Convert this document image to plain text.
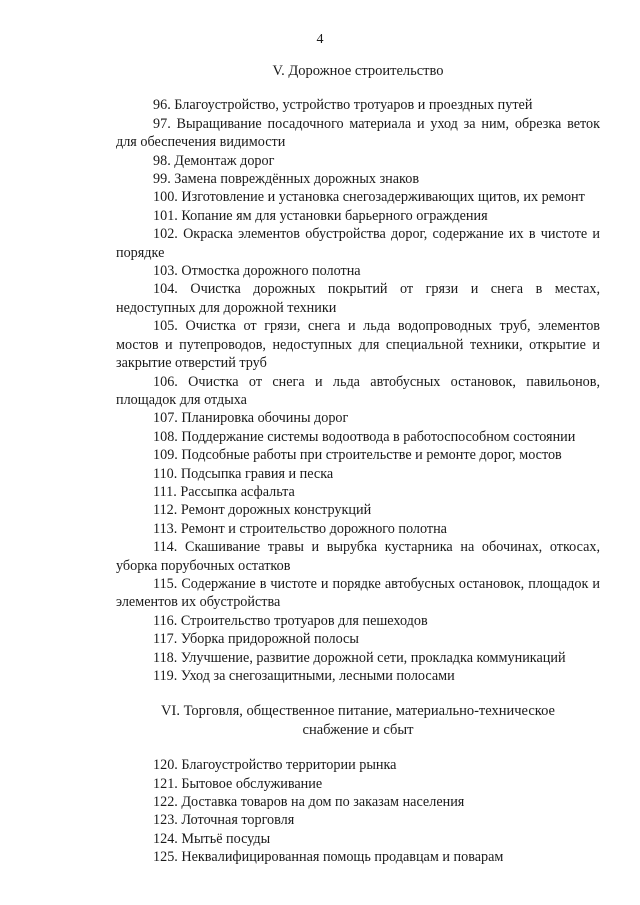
4
V. Дорожное строительство

96. Благоустройство, устройство тротуаров и проездных путей

97. Выращивание посадочного материала и уход за ним, обрезка веток для обеспечения видимости

98. Демонтаж дорог

99. Замена повреждённых дорожных знаков

100. Изготовление и установка снегозадерживающих щитов, их ремонт

101. Копание ям для установки барьерного ограждения

102. Окраска элементов обустройства дорог, содержание их в чистоте и порядке

103. Отмостка дорожного полотна

104. Очистка дорожных покрытий от грязи и снега в местах, недоступных для дорожной техники

105. Очистка от грязи, снега и льда водопроводных труб, элементов мостов и путепроводов, недоступных для специальной техники, открытие и закрытие отверстий труб

106. Очистка от снега и льда автобусных остановок, павильонов, площадок для отдыха

107. Планировка обочины дорог

108. Поддержание системы водоотвода в работоспособном состоянии

109. Подсобные работы при строительстве и ремонте дорог, мостов

110. Подсыпка гравия и песка

111. Рассыпка асфальта

112. Ремонт дорожных конструкций

113. Ремонт и строительство дорожного полотна

114. Скашивание травы и вырубка кустарника на обочинах, откосах, уборка порубочных остатков

115. Содержание в чистоте и порядке автобусных остановок, площадок и элементов их обустройства

116. Строительство тротуаров для пешеходов

117. Уборка придорожной полосы

118. Улучшение, развитие дорожной сети, прокладка коммуникаций

119. Уход за снегозащитными, лесными полосами

VI. Торговля, общественное питание, материально-техническое
снабжение и сбыт

120. Благоустройство территории рынка

121. Бытовое обслуживание

122. Доставка товаров на дом по заказам населения

123. Лоточная торговля

124. Мытьё посуды

125. Неквалифицированная помощь продавцам и поварам
